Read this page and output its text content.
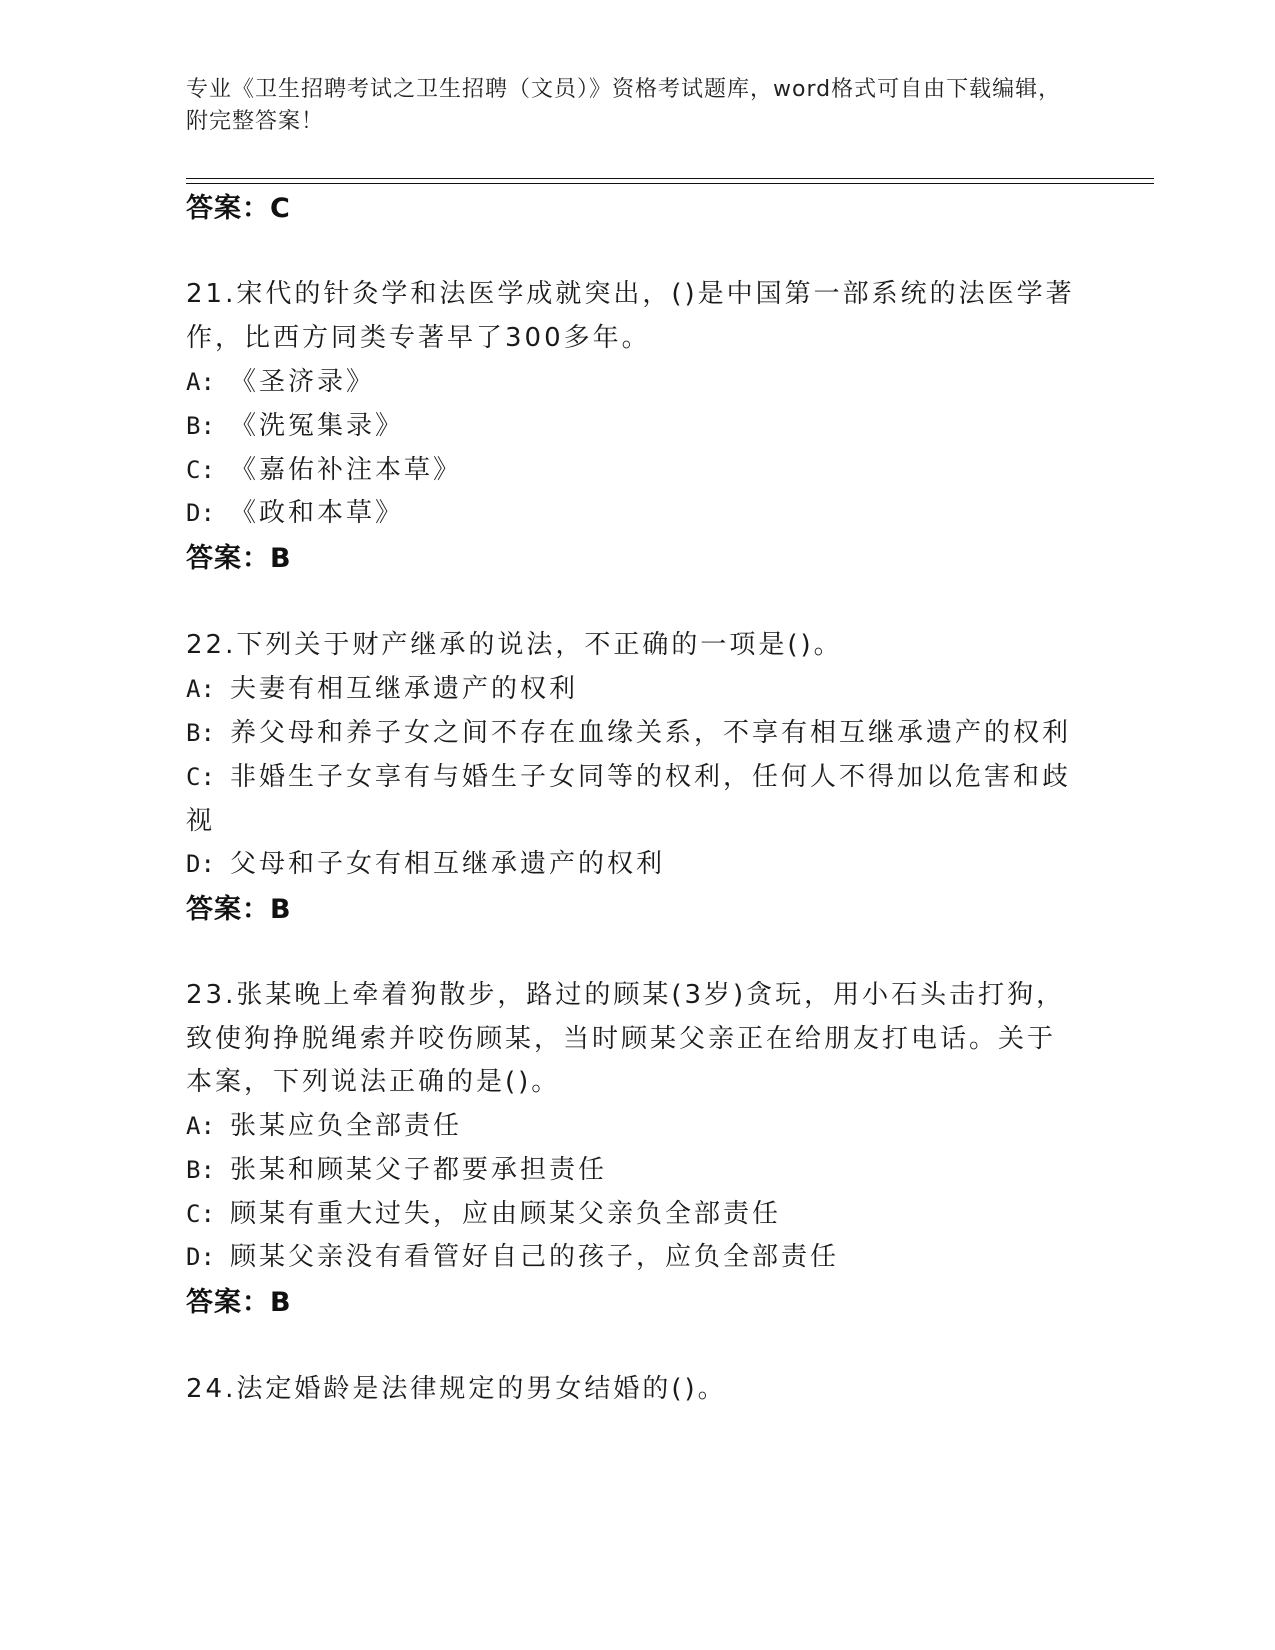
专业《卫生招聘考试之卫生招聘（文员）》资格考试题库，word格式可自由下载编辑，附完整答案！
答案：C
21.宋代的针灸学和法医学成就突出，()是中国第一部系统的法医学著
作，比西方同类专著早了300多年。
A: 《圣济录》
B: 《洗冤集录》
C: 《嘉佑补注本草》
D: 《政和本草》
答案：B
22.下列关于财产继承的说法，不正确的一项是()。
A: 夫妻有相互继承遗产的权利
B: 养父母和养子女之间不存在血缘关系，不享有相互继承遗产的权利
C: 非婚生子女享有与婚生子女同等的权利，任何人不得加以危害和歧
视
D: 父母和子女有相互继承遗产的权利
答案：B
23.张某晚上牵着狗散步，路过的顾某(3岁)贪玩，用小石头击打狗，
致使狗挣脱绳索并咬伤顾某，当时顾某父亲正在给朋友打电话。关于
本案，下列说法正确的是()。
A: 张某应负全部责任
B: 张某和顾某父子都要承担责任
C: 顾某有重大过失，应由顾某父亲负全部责任
D: 顾某父亲没有看管好自己的孩子，应负全部责任
答案：B
24.法定婚龄是法律规定的男女结婚的()。
